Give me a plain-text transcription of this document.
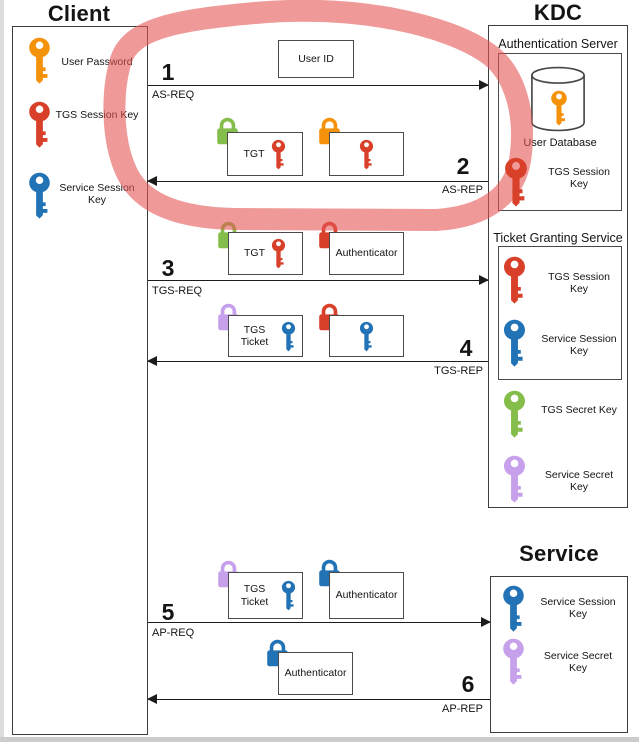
Client
User Password
TGS Session Key
Service Session Key
KDC
Authentication Server
User Database
TGS Session Key
Ticket Granting Service
TGS Session Key
Service Session Key
TGS Secret Key
Service Secret Key
Service
Service Session Key
Service Secret Key
User ID
1
AS-REQ
TGT	2
AS-REP
TGT	Authenticator
3
TGS-REQ
TGS Ticket	4
TGS-REP
TGS Ticket
Authenticator
5
AP-REQ
Authenticator	6
AP-REP
